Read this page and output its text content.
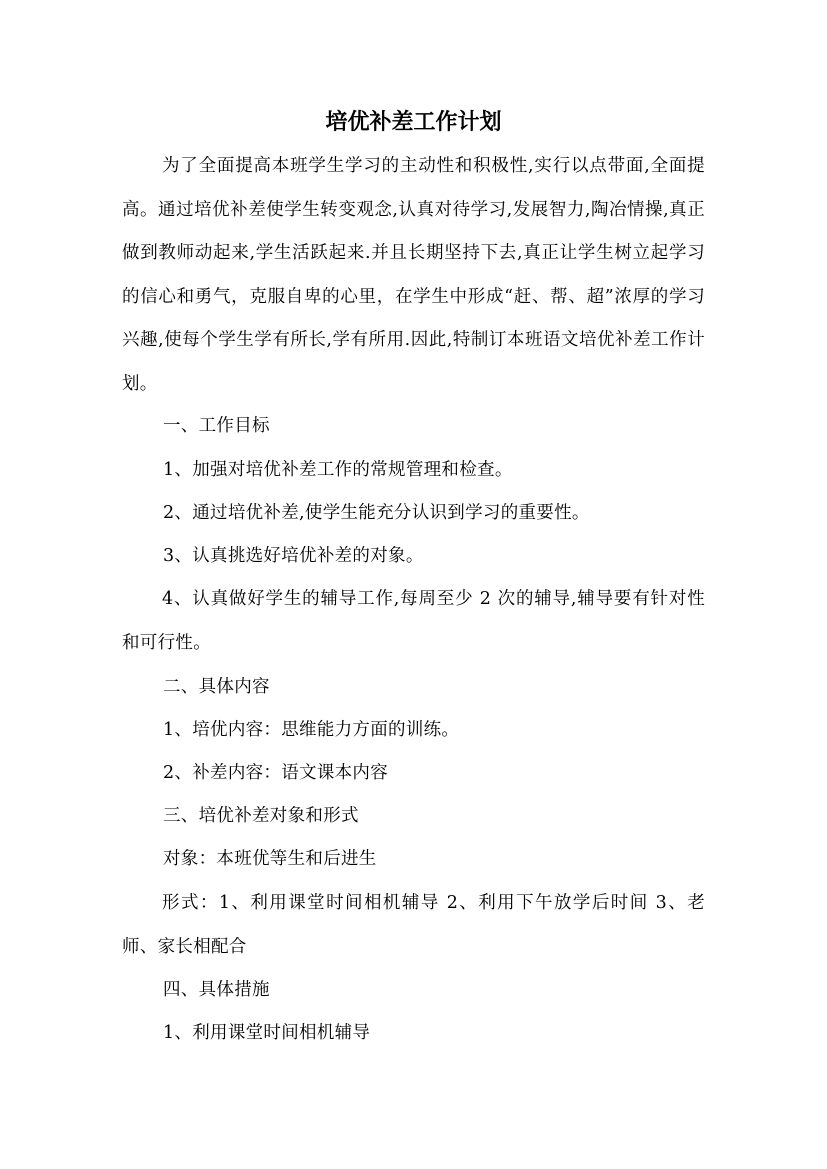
培优补差工作计划
为了全面提高本班学生学习的主动性和积极性,实行以点带面,全面提高。通过培优补差使学生转变观念,认真对待学习,发展智力,陶冶情操,真正做到教师动起来,学生活跃起来.并且长期坚持下去,真正让学生树立起学习的信心和勇气，克服自卑的心里，在学生中形成“赶、帮、超”浓厚的学习兴趣,使每个学生学有所长,学有所用.因此,特制订本班语文培优补差工作计划。
一、工作目标
1、加强对培优补差工作的常规管理和检查。
2、通过培优补差,使学生能充分认识到学习的重要性。
3、认真挑选好培优补差的对象。
4、认真做好学生的辅导工作,每周至少 2 次的辅导,辅导要有针对性和可行性。
二、具体内容
1、培优内容：思维能力方面的训练。
2、补差内容：语文课本内容
三、培优补差对象和形式
对象：本班优等生和后进生
形式：1、利用课堂时间相机辅导 2、利用下午放学后时间 3、老师、家长相配合
四、具体措施
1、利用课堂时间相机辅导
